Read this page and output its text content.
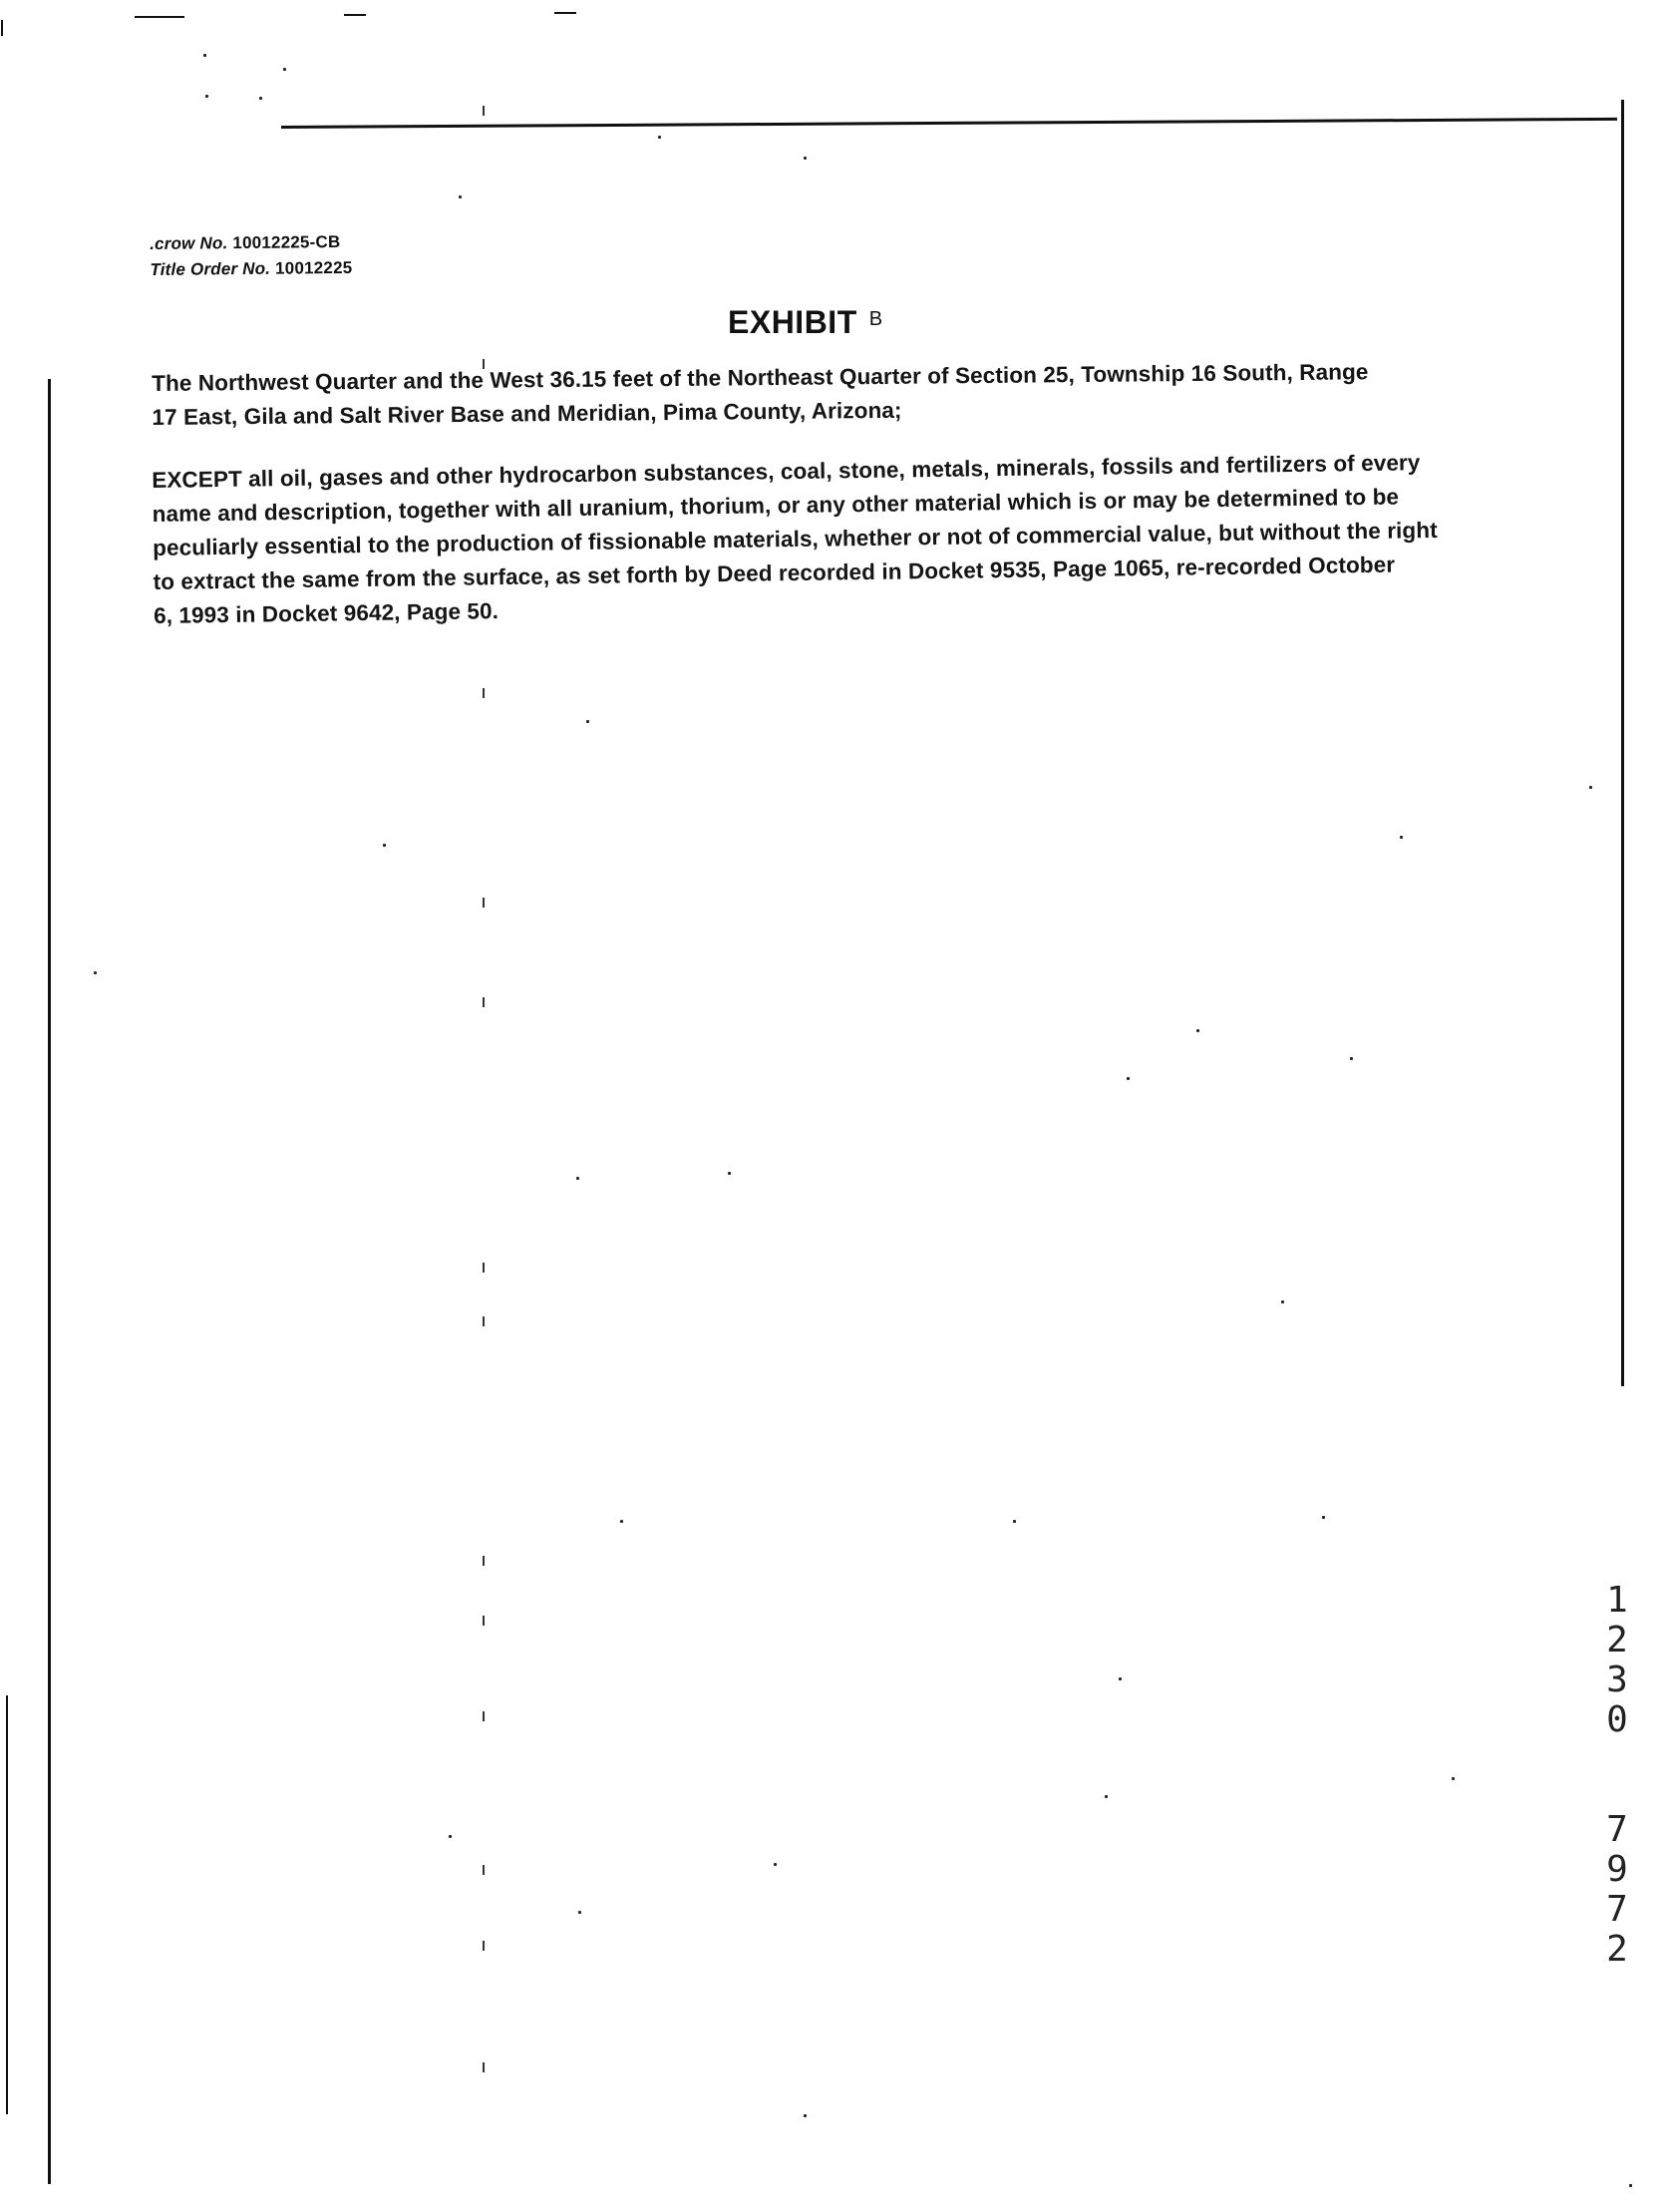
.crow No. 10012225-CB
Title Order No. 10012225
EXHIBIT $^B$
The Northwest Quarter and the West 36.15 feet of the Northeast Quarter of Section 25, Township 16 South, Range
17 East, Gila and Salt River Base and Meridian, Pima County, Arizona;
EXCEPT all oil, gases and other hydrocarbon substances, coal, stone, metals, minerals, fossils and fertilizers of every
name and description, together with all uranium, thorium, or any other material which is or may be determined to be
peculiarly essential to the production of fissionable materials, whether or not of commercial value, but without the right
to extract the same from the surface, as set forth by Deed recorded in Docket 9535, Page 1065, re-recorded October
6, 1993 in Docket 9642, Page 50.
1
2
3
0
7
9
7
2
